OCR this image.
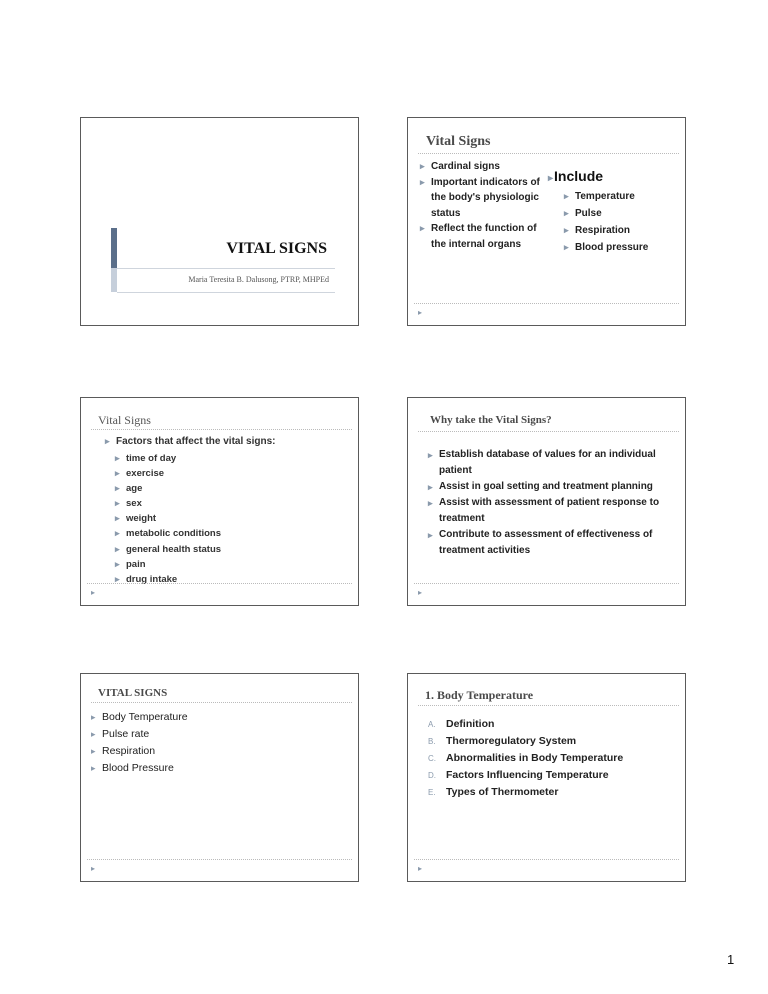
VITAL SIGNS
Maria Teresita B. Dalusong, PTRP, MHPEd
Vital Signs
▸ Cardinal signs
▸ Important indicators of the body's physiologic status
▸ Reflect the function of the internal organs
▸Include
▸ Temperature
▸ Pulse
▸ Respiration
▸ Blood pressure
▸
Vital Signs
▸ Factors that affect the vital signs:
▸ time of day
▸ exercise
▸ age
▸ sex
▸ weight
▸ metabolic conditions
▸ general health status
▸ pain
▸ drug intake
▸
Why take the Vital Signs?
▸ Establish database of values for an individual patient
▸ Assist in goal setting and treatment planning
▸ Assist with assessment of patient response to treatment
▸ Contribute to assessment of effectiveness of treatment activities
▸
VITAL SIGNS
▸ Body Temperature
▸ Pulse rate
▸ Respiration
▸ Blood Pressure
▸
1. Body Temperature
A. Definition
B. Thermoregulatory System
C. Abnormalities in Body Temperature
D. Factors Influencing Temperature
E. Types of Thermometer
▸
1
